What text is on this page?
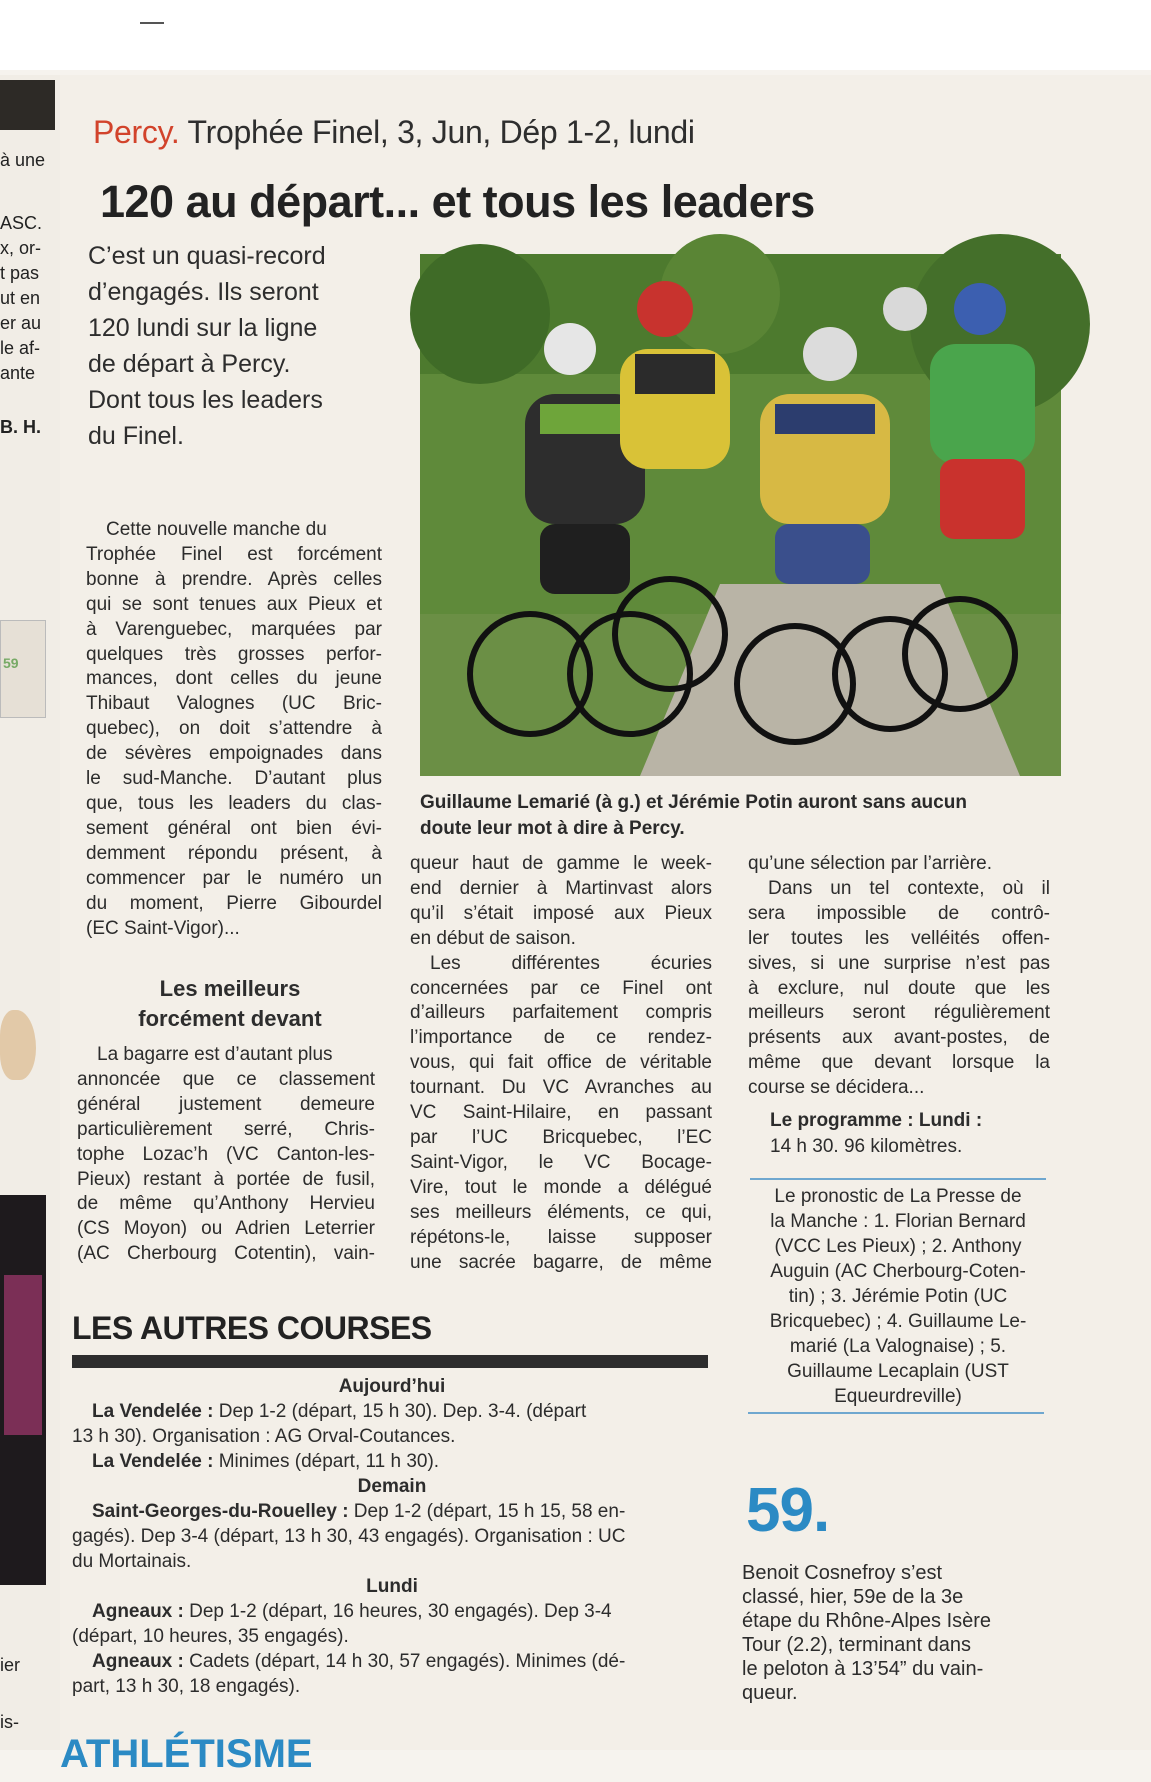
à une
ASC.
x, or-
t pas
ut en
er au
le af-
ante
B. H.
59
ier
is-
Percy. Trophée Finel, 3, Jun, Dép 1-2, lundi
120 au départ... et tous les leaders
C’est un quasi-record
d’engagés. Ils seront
120 lundi sur la ligne
de départ à Percy.
Dont tous les leaders
du Finel.
Guillaume Lemarié (à g.) et Jérémie Potin auront sans aucun
doute leur mot à dire à Percy.
Cette nouvelle manche du
Trophée Finel est forcément
bonne à prendre. Après celles
qui se sont tenues aux Pieux et
à Varenguebec, marquées par
quelques très grosses perfor-
mances, dont celles du jeune
Thibaut Valognes (UC Bric-
quebec), on doit s’attendre à
de sévères empoignades dans
le sud-Manche. D’autant plus
que, tous les leaders du clas-
sement général ont bien évi-
demment répondu présent, à
commencer par le numéro un
du moment, Pierre Gibourdel
(EC Saint-Vigor)...
Les meilleurs
forcément devant
La bagarre est d’autant plus
annoncée que ce classement
général justement demeure
particulièrement serré, Chris-
tophe Lozac’h (VC Canton-les-
Pieux) restant à portée de fusil,
de même qu’Anthony Hervieu
(CS Moyon) ou Adrien Leterrier
(AC Cherbourg Cotentin), vain-
queur haut de gamme le week-
end dernier à Martinvast alors
qu’il s’était imposé aux Pieux
en début de saison.
Les différentes écuries
concernées par ce Finel ont
d’ailleurs parfaitement compris
l’importance de ce rendez-
vous, qui fait office de véritable
tournant. Du VC Avranches au
VC Saint-Hilaire, en passant
par l’UC Bricquebec, l’EC
Saint-Vigor, le VC Bocage-
Vire, tout le monde a délégué
ses meilleurs éléments, ce qui,
répétons-le, laisse supposer
une sacrée bagarre, de même
qu’une sélection par l’arrière.
Dans un tel contexte, où il
sera impossible de contrô-
ler toutes les velléités offen-
sives, si une surprise n’est pas
à exclure, nul doute que les
meilleurs seront régulièrement
présents aux avant-postes, de
même que devant lorsque la
course se décidera...
Le programme : Lundi :
14 h 30. 96 kilomètres.
Le pronostic de La Presse de
la Manche : 1. Florian Bernard
(VCC Les Pieux) ; 2. Anthony
Auguin (AC Cherbourg-Coten-
tin) ; 3. Jérémie Potin (UC
Bricquebec) ; 4. Guillaume Le-
marié (La Valognaise) ; 5.
Guillaume Lecaplain (UST
Equeurdreville)
LES AUTRES COURSES
Aujourd’hui
La Vendelée : Dep 1-2 (départ, 15 h 30). Dep. 3-4. (départ
13 h 30). Organisation : AG Orval-Coutances.
La Vendelée : Minimes (départ, 11 h 30).
Demain
Saint-Georges-du-Rouelley : Dep 1-2 (départ, 15 h 15, 58 en-
gagés). Dep 3-4 (départ, 13 h 30, 43 engagés). Organisation : UC
du Mortainais.
Lundi
Agneaux : Dep 1-2 (départ, 16 heures, 30 engagés). Dep 3-4
(départ, 10 heures, 35 engagés).
Agneaux : Cadets (départ, 14 h 30, 57 engagés). Minimes (dé-
part, 13 h 30, 18 engagés).
59.
Benoit Cosnefroy s’est
classé, hier, 59e de la 3e
étape du Rhône-Alpes Isère
Tour (2.2), terminant dans
le peloton à 13’54” du vain-
queur.
ATHLÉTISME
